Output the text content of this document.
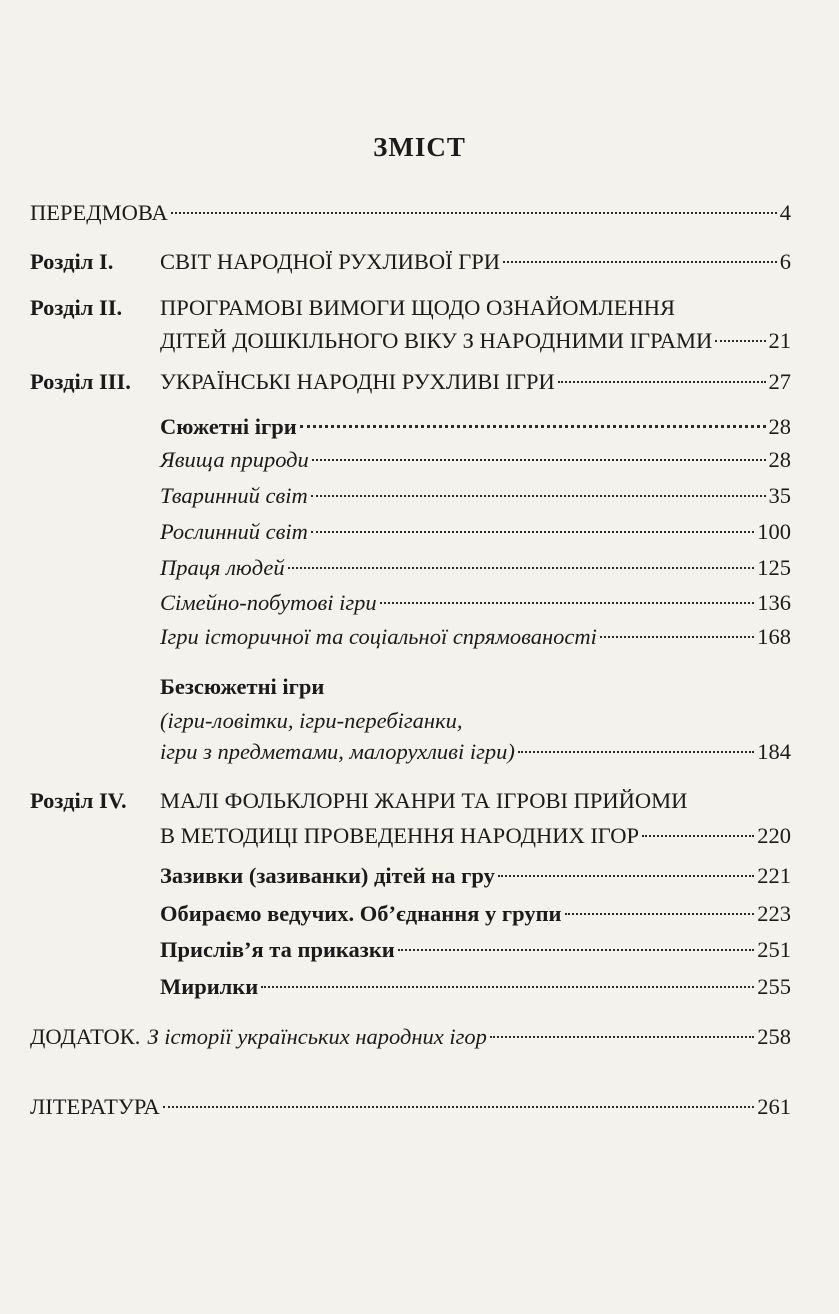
ЗМІСТ
ПЕРЕДМОВА	4
Розділ І. СВІТ НАРОДНОЇ РУХЛИВОЇ ГРИ	6
Розділ ІІ. ПРОГРАМОВІ ВИМОГИ ЩОДО ОЗНАЙОМЛЕННЯ
ДІТЕЙ ДОШКІЛЬНОГО ВІКУ З НАРОДНИМИ ІГРАМИ 21
Розділ ІІІ. УКРАЇНСЬКІ НАРОДНІ РУХЛИВІ ІГРИ	27
Сюжетні ігри	28
Явища природи	28
Тваринний світ	35
Рослинний світ	100
Праця людей	125
Сімейно-побутові ігри	136
Ігри історичної та соціальної спрямованості	168
Безсюжетні ігри
(ігри-ловітки, ігри-перебіганки,
ігри з предметами, малорухливі ігри)	184
Розділ IV. МАЛІ ФОЛЬКЛОРНІ ЖАНРИ ТА ІГРОВІ ПРИЙОМИ
В МЕТОДИЦІ ПРОВЕДЕННЯ НАРОДНИХ ІГОР	220
Зазивки (зазиванки) дітей на гру	221
Обираємо ведучих. Об’єднання у групи	223
Прислів’я та приказки	251
Мирилки	255
ДОДАТОК. З історії українських народних ігор	258
ЛІТЕРАТУРА	261
